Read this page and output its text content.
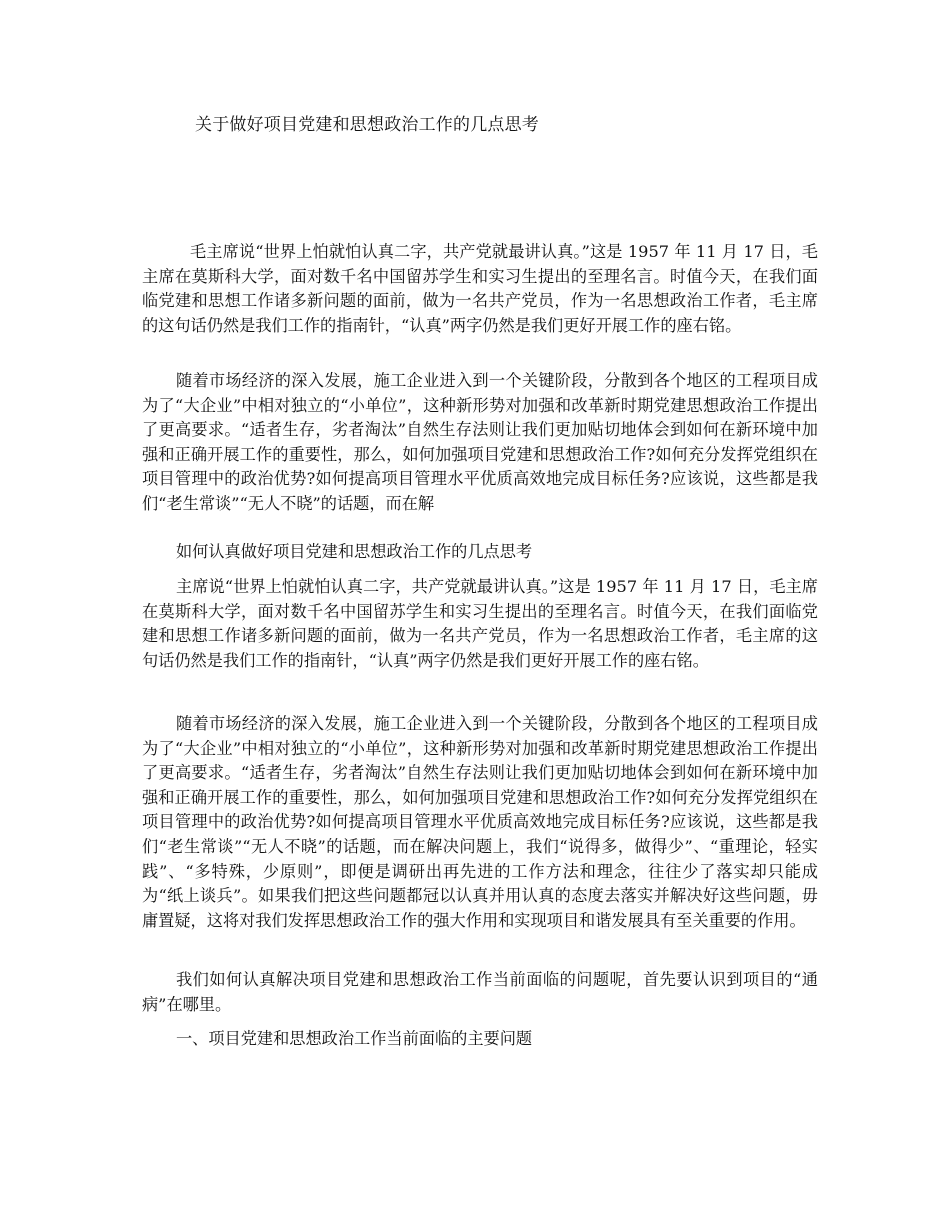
关于做好项目党建和思想政治工作的几点思考

毛主席说“世界上怕就怕认真二字，共产党就最讲认真。”这是 1957 年 11 月 17 日，毛主席在莫斯科大学，面对数千名中国留苏学生和实习生提出的至理名言。时值今天，在我们面临党建和思想工作诸多新问题的面前，做为一名共产党员，作为一名思想政治工作者，毛主席的这句话仍然是我们工作的指南针，“认真”两字仍然是我们更好开展工作的座右铭。

随着市场经济的深入发展，施工企业进入到一个关键阶段，分散到各个地区的工程项目成为了“大企业”中相对独立的“小单位”，这种新形势对加强和改革新时期党建思想政治工作提出了更高要求。“适者生存，劣者淘汰”自然生存法则让我们更加贴切地体会到如何在新环境中加强和正确开展工作的重要性，那么，如何加强项目党建和思想政治工作?如何充分发挥党组织在项目管理中的政治优势?如何提高项目管理水平优质高效地完成目标任务?应该说，这些都是我们“老生常谈”“无人不晓”的话题，而在解

如何认真做好项目党建和思想政治工作的几点思考

主席说“世界上怕就怕认真二字，共产党就最讲认真。”这是 1957 年 11 月 17 日，毛主席在莫斯科大学，面对数千名中国留苏学生和实习生提出的至理名言。时值今天，在我们面临党建和思想工作诸多新问题的面前，做为一名共产党员，作为一名思想政治工作者，毛主席的这句话仍然是我们工作的指南针，“认真”两字仍然是我们更好开展工作的座右铭。

随着市场经济的深入发展，施工企业进入到一个关键阶段，分散到各个地区的工程项目成为了“大企业”中相对独立的“小单位”，这种新形势对加强和改革新时期党建思想政治工作提出了更高要求。“适者生存，劣者淘汰”自然生存法则让我们更加贴切地体会到如何在新环境中加强和正确开展工作的重要性，那么，如何加强项目党建和思想政治工作?如何充分发挥党组织在项目管理中的政治优势?如何提高项目管理水平优质高效地完成目标任务?应该说，这些都是我们“老生常谈”“无人不晓”的话题，而在解决问题上，我们“说得多，做得少”、“重理论，轻实践”、“多特殊，少原则”，即便是调研出再先进的工作方法和理念，往往少了落实却只能成为“纸上谈兵”。如果我们把这些问题都冠以认真并用认真的态度去落实并解决好这些问题，毋庸置疑，这将对我们发挥思想政治工作的强大作用和实现项目和谐发展具有至关重要的作用。

我们如何认真解决项目党建和思想政治工作当前面临的问题呢，首先要认识到项目的“通病”在哪里。

一、项目党建和思想政治工作当前面临的主要问题
